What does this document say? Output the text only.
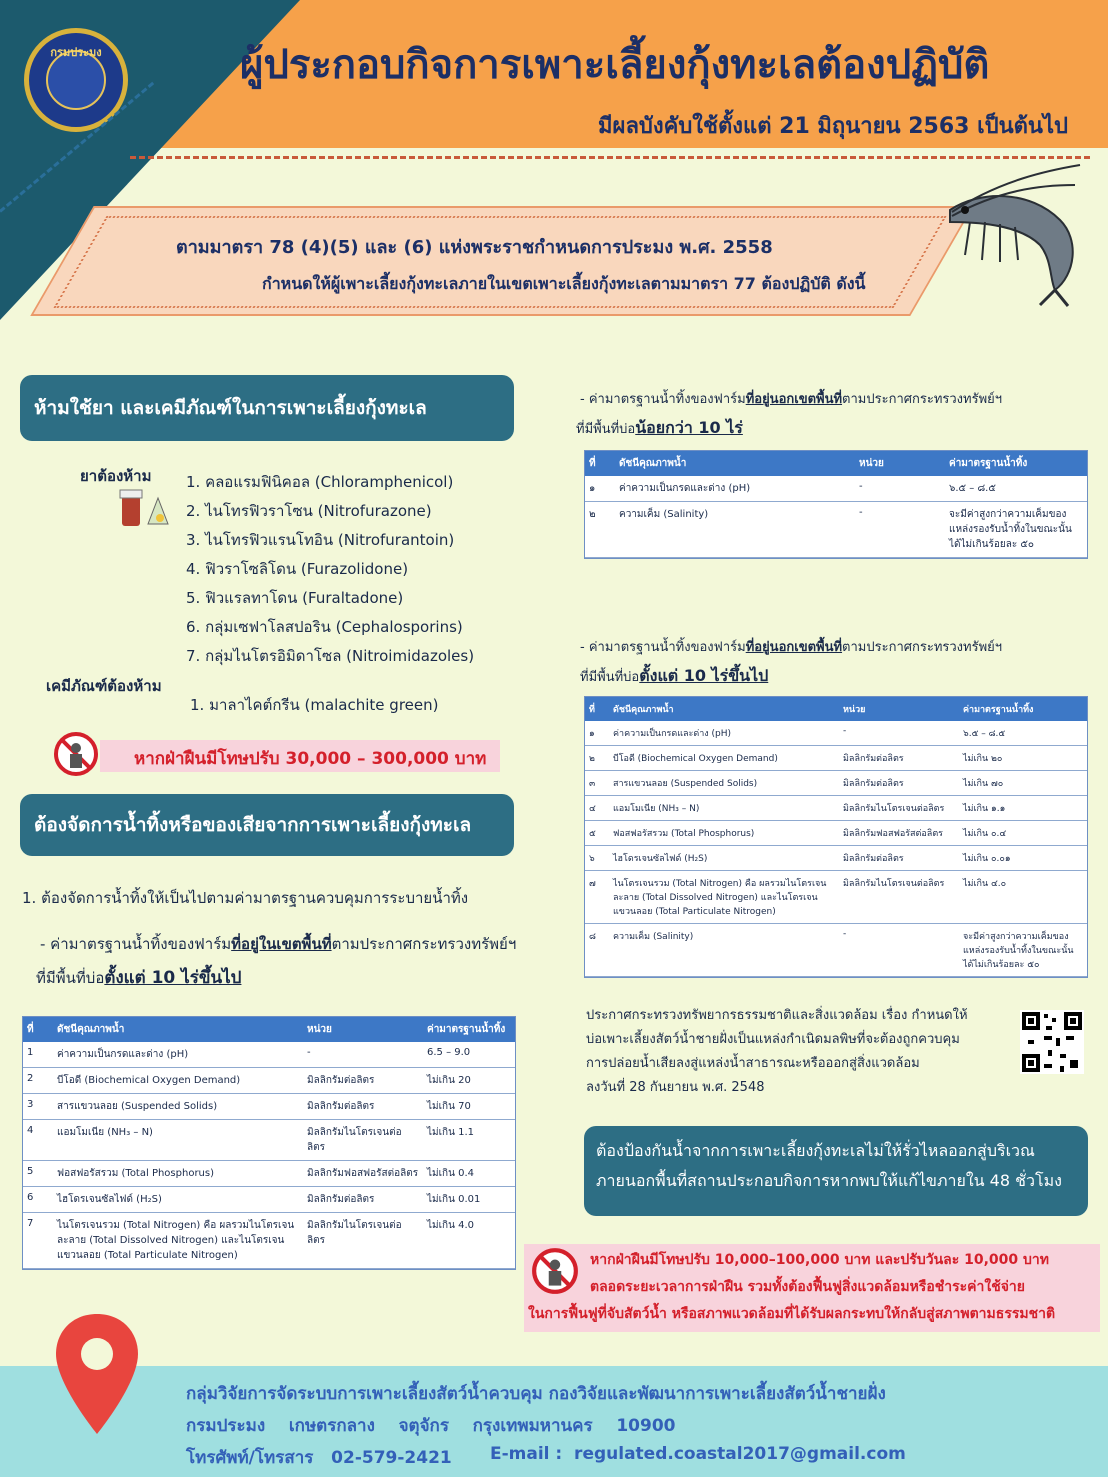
กรมประมง	ผู้ประกอบกิจการเพาะเลี้ยงกุ้งทะเลต้องปฏิบัติ
มีผลบังคับใช้ตั้งแต่ 21 มิถุนายน 2563 เป็นต้นไป
ตามมาตรา 78 (4)(5) และ (6) แห่งพระราชกำหนดการประมง พ.ศ. 2558
กำหนดให้ผู้เพาะเลี้ยงกุ้งทะเลภายในเขตเพาะเลี้ยงกุ้งทะเลตามมาตรา 77 ต้องปฏิบัติ ดังนี้
ห้ามใช้ยา และเคมีภัณฑ์ในการเพาะเลี้ยงกุ้งทะเล
ยาต้องห้าม 1. คลอแรมฟินิคอล (Chloramphenicol)
2. ไนโทรฟิวราโซน (Nitrofurazone)
3. ไนโทรฟิวแรนโทอิน (Nitrofurantoin)
4. ฟิวราโซลิโดน (Furazolidone)
5. ฟิวแรลทาโดน (Furaltadone)
6. กลุ่มเซฟาโลสปอริน (Cephalosporins)
7. กลุ่มไนโตรอิมิดาโซล (Nitroimidazoles)
เคมีภัณฑ์ต้องห้าม
1. มาลาไคต์กรีน (malachite green)
หากฝ่าฝืนมีโทษปรับ 30,000 – 300,000 บาท
ต้องจัดการน้ำทิ้งหรือของเสียจากการเพาะเลี้ยงกุ้งทะเล
1. ต้องจัดการน้ำทิ้งให้เป็นไปตามค่ามาตรฐานควบคุมการระบายน้ำทิ้ง
- ค่ามาตรฐานน้ำทิ้งของฟาร์มที่อยู่ในเขตพื้นที่ตามประกาศกระทรวงทรัพย์ฯ
ที่มีพื้นที่บ่อตั้งแต่ 10 ไร่ขึ้นไป
ที่	ดัชนีคุณภาพน้ำ	หน่วย	ค่ามาตรฐานน้ำทิ้ง
1	ค่าความเป็นกรดและด่าง (pH)	-	6.5 – 9.0
2	บีโอดี (Biochemical Oxygen Demand)	มิลลิกรัมต่อลิตร	ไม่เกิน 20
3	สารแขวนลอย (Suspended Solids)	มิลลิกรัมต่อลิตร	ไม่เกิน 70
4	แอมโมเนีย (NH₃ – N)	มิลลิกรัมไนโตรเจนต่อลิตร	ไม่เกิน 1.1
5	ฟอสฟอรัสรวม (Total Phosphorus)	มิลลิกรัมฟอสฟอรัสต่อลิตร	ไม่เกิน 0.4
6	ไฮโดรเจนซัลไฟด์ (H₂S)	มิลลิกรัมต่อลิตร	ไม่เกิน 0.01
7	ไนโตรเจนรวม (Total Nitrogen) คือ ผลรวมไนโตรเจนละลาย (Total Dissolved Nitrogen) และไนโตรเจนแขวนลอย (Total Particulate Nitrogen)	มิลลิกรัมไนโตรเจนต่อลิตร	ไม่เกิน 4.0
- ค่ามาตรฐานน้ำทิ้งของฟาร์มที่อยู่นอกเขตพื้นที่ตามประกาศกระทรวงทรัพย์ฯ
ที่มีพื้นที่บ่อน้อยกว่า 10 ไร่
ที่	ดัชนีคุณภาพน้ำ	หน่วย	ค่ามาตรฐานน้ำทิ้ง
๑	ค่าความเป็นกรดและด่าง (pH)	-	๖.๕ – ๘.๕
๒	ความเค็ม (Salinity)	-	จะมีค่าสูงกว่าความเค็มของแหล่งรองรับน้ำทิ้งในขณะนั้นได้ไม่เกินร้อยละ ๕๐
- ค่ามาตรฐานน้ำทิ้งของฟาร์มที่อยู่นอกเขตพื้นที่ตามประกาศกระทรวงทรัพย์ฯ
ที่มีพื้นที่บ่อตั้งแต่ 10 ไร่ขึ้นไป
ที่	ดัชนีคุณภาพน้ำ	หน่วย	ค่ามาตรฐานน้ำทิ้ง
๑	ค่าความเป็นกรดและด่าง (pH)	-	๖.๕ – ๘.๕
๒	บีโอดี (Biochemical Oxygen Demand)	มิลลิกรัมต่อลิตร	ไม่เกิน ๒๐
๓	สารแขวนลอย (Suspended Solids)	มิลลิกรัมต่อลิตร	ไม่เกิน ๗๐
๔	แอมโมเนีย (NH₃ – N)	มิลลิกรัมไนโตรเจนต่อลิตร	ไม่เกิน ๑.๑
๕	ฟอสฟอรัสรวม (Total Phosphorus)	มิลลิกรัมฟอสฟอรัสต่อลิตร	ไม่เกิน ๐.๔
๖	ไฮโดรเจนซัลไฟด์ (H₂S)	มิลลิกรัมต่อลิตร	ไม่เกิน ๐.๐๑
๗	ไนโตรเจนรวม (Total Nitrogen) คือ ผลรวมไนโตรเจนละลาย (Total Dissolved Nitrogen) และไนโตรเจนแขวนลอย (Total Particulate Nitrogen)	มิลลิกรัมไนโตรเจนต่อลิตร	ไม่เกิน ๔.๐
๘	ความเค็ม (Salinity)	-	จะมีค่าสูงกว่าความเค็มของแหล่งรองรับน้ำทิ้งในขณะนั้นได้ไม่เกินร้อยละ ๕๐
ประกาศกระทรวงทรัพยากรธรรมชาติและสิ่งแวดล้อม เรื่อง กำหนดให้
บ่อเพาะเลี้ยงสัตว์น้ำชายฝั่งเป็นแหล่งกำเนิดมลพิษที่จะต้องถูกควบคุม
การปล่อยน้ำเสียลงสู่แหล่งน้ำสาธารณะหรือออกสู่สิ่งแวดล้อม
ลงวันที่ 28 กันยายน พ.ศ. 2548
ต้องป้องกันน้ำจากการเพาะเลี้ยงกุ้งทะเลไม่ให้รั่วไหลออกสู่บริเวณ
ภายนอกพื้นที่สถานประกอบกิจการหากพบให้แก้ไขภายใน 48 ชั่วโมง
หากฝ่าฝืนมีโทษปรับ 10,000–100,000 บาท และปรับวันละ 10,000 บาท
ตลอดระยะเวลาการฝ่าฝืน รวมทั้งต้องฟื้นฟูสิ่งแวดล้อมหรือชำระค่าใช้จ่าย
ในการฟื้นฟูที่จับสัตว์น้ำ หรือสภาพแวดล้อมที่ได้รับผลกระทบให้กลับสู่สภาพตามธรรมชาติ
กลุ่มวิจัยการจัดระบบการเพาะเลี้ยงสัตว์น้ำควบคุม กองวิจัยและพัฒนาการเพาะเลี้ยงสัตว์น้ำชายฝั่ง
กรมประมง    เกษตรกลาง    จตุจักร    กรุงเทพมหานคร    10900
โทรศัพท์/โทรสาร   02-579-2421 E-mail :  regulated.coastal2017@gmail.com
